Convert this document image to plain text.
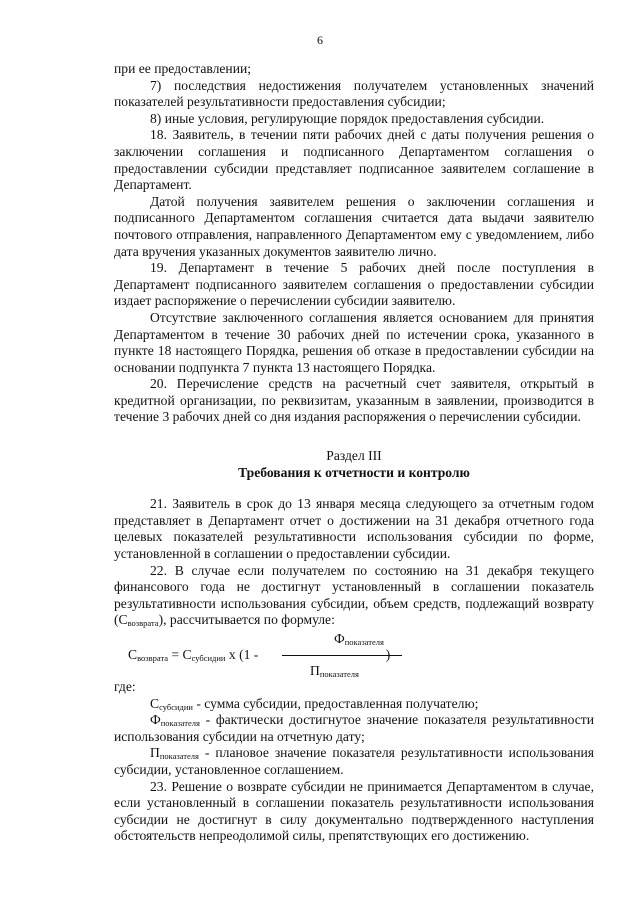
6

при ее предоставлении;

7) последствия недостижения получателем установленных значений показателей результативности предоставления субсидии;

8) иные условия, регулирующие порядок предоставления субсидии.

18. Заявитель, в течении пяти рабочих дней с даты получения решения о заключении соглашения и подписанного Департаментом соглашения о предоставлении субсидии представляет подписанное заявителем соглашение в Департамент.

Датой получения заявителем решения о заключении соглашения и подписанного Департаментом соглашения считается дата выдачи заявителю почтового отправления, направленного Департаментом ему с уведомлением, либо дата вручения указанных документов заявителю лично.

19. Департамент в течение 5 рабочих дней после поступления в Департамент подписанного заявителем соглашения о предоставлении субсидии издает распоряжение о перечислении субсидии заявителю.

Отсутствие заключенного соглашения является основанием для принятия Департаментом в течение 30 рабочих дней по истечении срока, указанного в пункте 18 настоящего Порядка, решения об отказе в предоставлении субсидии на основании подпункта 7 пункта 13 настоящего Порядка.

20. Перечисление средств на расчетный счет заявителя, открытый в кредитной организации, по реквизитам, указанным в заявлении, производится в течение 3 рабочих дней со дня издания распоряжения о перечислении субсидии.

Раздел III

Требования к отчетности и контролю

21. Заявитель в срок до 13 января месяца следующего за отчетным годом представляет в Департамент отчет о достижении на 31 декабря отчетного года целевых показателей результативности использования субсидии по форме, установленной в соглашении о предоставлении субсидии.

22. В случае если получателем по состоянию на 31 декабря текущего финансового года не достигнут установленный в соглашении показатель результативности использования субсидии, объем средств, подлежащий возврату $(С_{возврата})$, рассчитывается по формуле:

$Ф_{показателя}$
$С_{возврата} = С_{субсидии}$ х (1 -	)
$П_{показателя}$

где:

$С_{субсидии}$ - сумма субсидии, предоставленная получателю;

$Ф_{показателя}$ - фактически достигнутое значение показателя результативности использования субсидии на отчетную дату;

$П_{показателя}$ - плановое значение показателя результативности использования субсидии, установленное соглашением.

23. Решение о возврате субсидии не принимается Департаментом в случае, если установленный в соглашении показатель результативности использования субсидии не достигнут в силу документально подтвержденного наступления обстоятельств непреодолимой силы, препятствующих его достижению.
